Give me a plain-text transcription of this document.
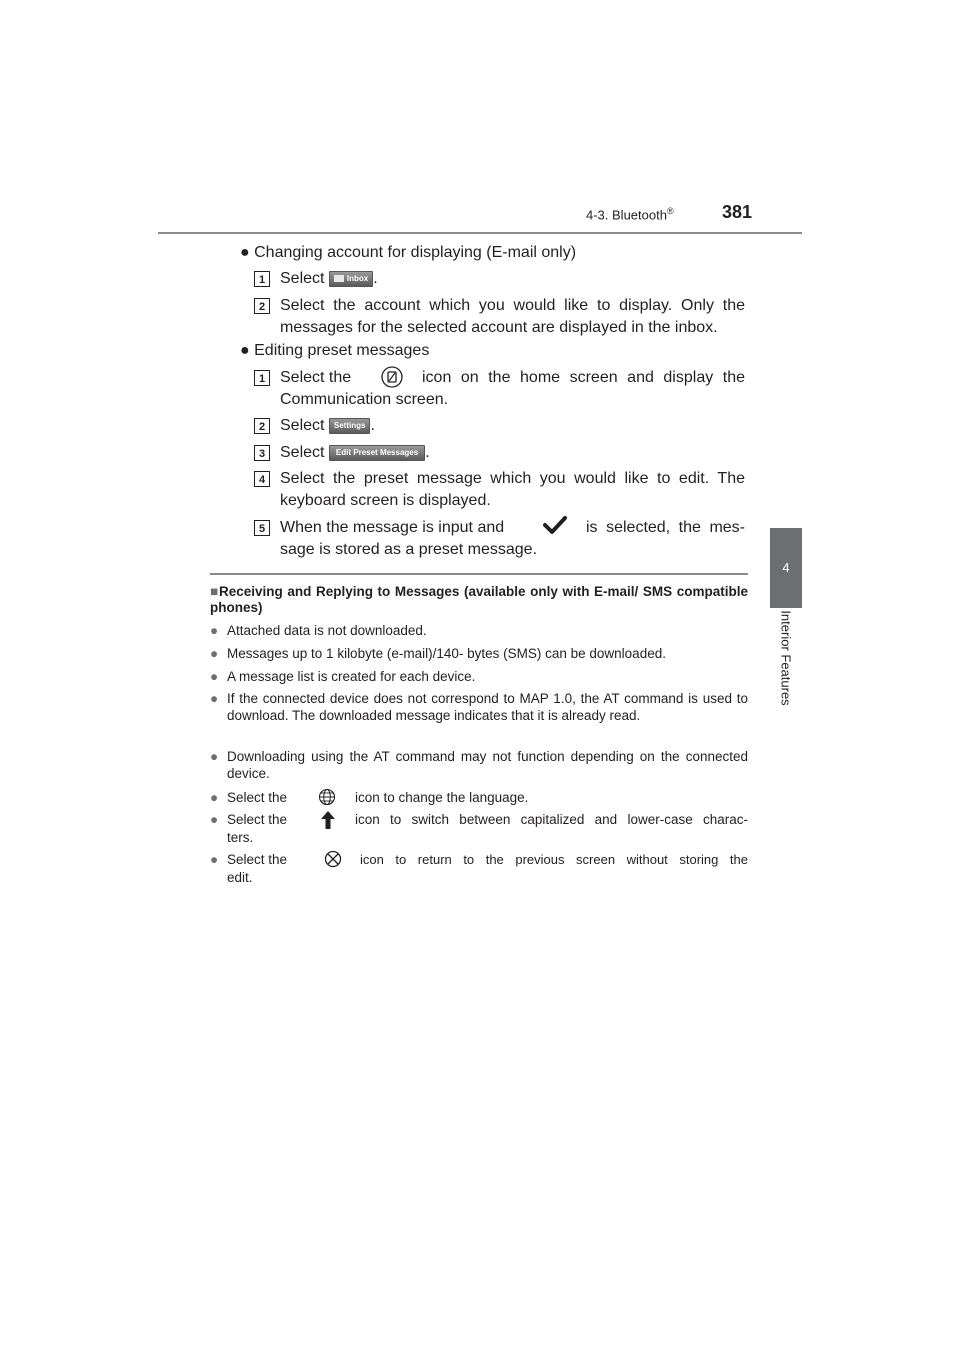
4-3. Bluetooth®	381
4
Interior Features
● Changing account for displaying (E-mail only)
1 Select	Inbox .
2 Select the account which you would like to display. Only the
messages for the selected account are displayed in the inbox.
● Editing preset messages
1 Select the	icon on the home screen and display the
Communication screen.
2 Select Settings .
3 Select Edit Preset Messages .
4 Select the preset message which you would like to edit. The
keyboard screen is displayed.
5 When the message is input and	is selected, the mes-
sage is stored as a preset message.
■Receiving and Replying to Messages (available only with E-mail/ SMS compatible phones)
● Attached data is not downloaded.
● Messages up to 1 kilobyte (e-mail)/140- bytes (SMS) can be downloaded.
● A message list is created for each device.
● If the connected device does not correspond to MAP 1.0, the AT command is used to download. The downloaded message indicates that it is already read.
● Downloading using the AT command may not function depending on the connected device.
● Select the	icon to change the language.
● Select the	icon to switch between capitalized and lower-case charac-
ters.
● Select the	icon to return to the previous screen without storing the
edit.
